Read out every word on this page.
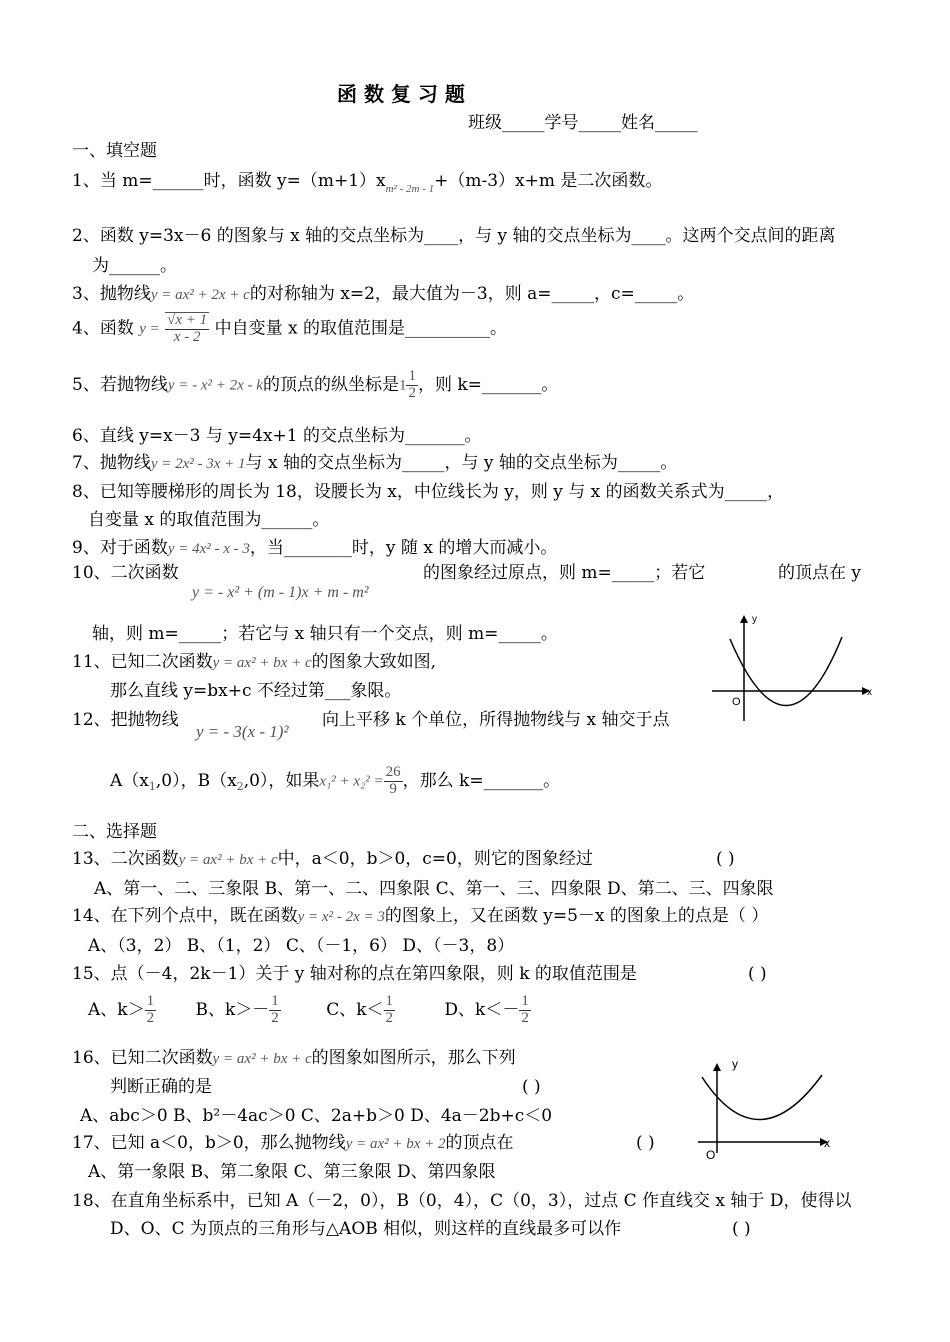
函 数 复 习 题
班级_____学号_____姓名_____
一、填空题
1、当 m=______时，函数 $y=(m+1)x_{m^2 - 2m - 1}+(m-3)x+m$ 是二次函数。
2、函数 y=3x－6 的图象与 x 轴的交点坐标为____，与 y 轴的交点坐标为____。这两个交点间的距离
为______。
3、抛物线y = ax² + 2x + c的对称轴为 x=2，最大值为－3，则 a=_____，c=_____。
4、函数 $y = \frac{√x + 1}{x - 2}$ 中自变量 x 的取值范围是__________。
5、若抛物线y = - x² + 2x - k的顶点的纵坐标是$1 \frac{1}{2}$ ，则 k=_______。
6、直线 y=x－3 与 y=4x+1 的交点坐标为_______。
7、抛物线y = 2x² - 3x + 1与 x 轴的交点坐标为_____，与 y 轴的交点坐标为_____。
8、已知等腰梯形的周长为 18，设腰长为 x，中位线长为 y，则 y 与 x 的函数关系式为_____，
自变量 x 的取值范围为______。
9、对于函数y = 4x² - x - 3，当________时，y 随 x 的增大而减小。
10、二次函数
y = - x² + (m - 1)x + m - m²
的图象经过原点，则 m=_____；若它	的顶点在 y
轴，则 m=_____；若它与 x 轴只有一个交点，则 m=_____。
y
x
O
11、已知二次函数y = ax² + bx + c的图象大致如图,
那么直线 y=bx+c 不经过第___象限。
12、把抛物线
y = - 3(x - 1)²
向上平移 k 个单位，所得抛物线与 x 轴交于点
$A(x_1,0)$，$B(x_2,0)$，如果$x_1^2 + x_2^2 = \frac{26}{9}$ ，那么 k=_______。
二、选择题
13、二次函数y = ax² + bx + c中，a＜0，b＞0，c=0，则它的图象经过	( )
A、第一、二、三象限 B、第一、二、四象限 C、第一、三、四象限 D、第二、三、四象限
14、在下列个点中，既在函数y = x² - 2x = 3的图象上，又在函数 y=5－x 的图象上的点是（ ）
A、（3，2） B、（1，2） C、（－1，6） D、（－3，8）
15、点（－4，2k－1）关于 y 轴对称的点在第四象限，则 k 的取值范围是	( )
A、$k> \frac{1}{2}$ B、$k>- \frac{1}{2}$	C、$k< \frac{1}{2}$	D、$k<- \frac{1}{2}$
16、已知二次函数y = ax² + bx + c的图象如图所示，那么下列
判断正确的是	( )
A、abc＞0 B、b²－4ac＞0 C、2a+b＞0 D、4a－2b+c＜0
y
x
O
17、已知 a＜0，b＞0，那么抛物线y = ax² + bx + 2的顶点在	( )
A、第一象限 B、第二象限 C、第三象限 D、第四象限
18、在直角坐标系中，已知 A（－2，0），B（0，4），C（0，3），过点 C 作直线交 x 轴于 D，使得以
D、O、C 为顶点的三角形与△AOB 相似，则这样的直线最多可以作	( )
